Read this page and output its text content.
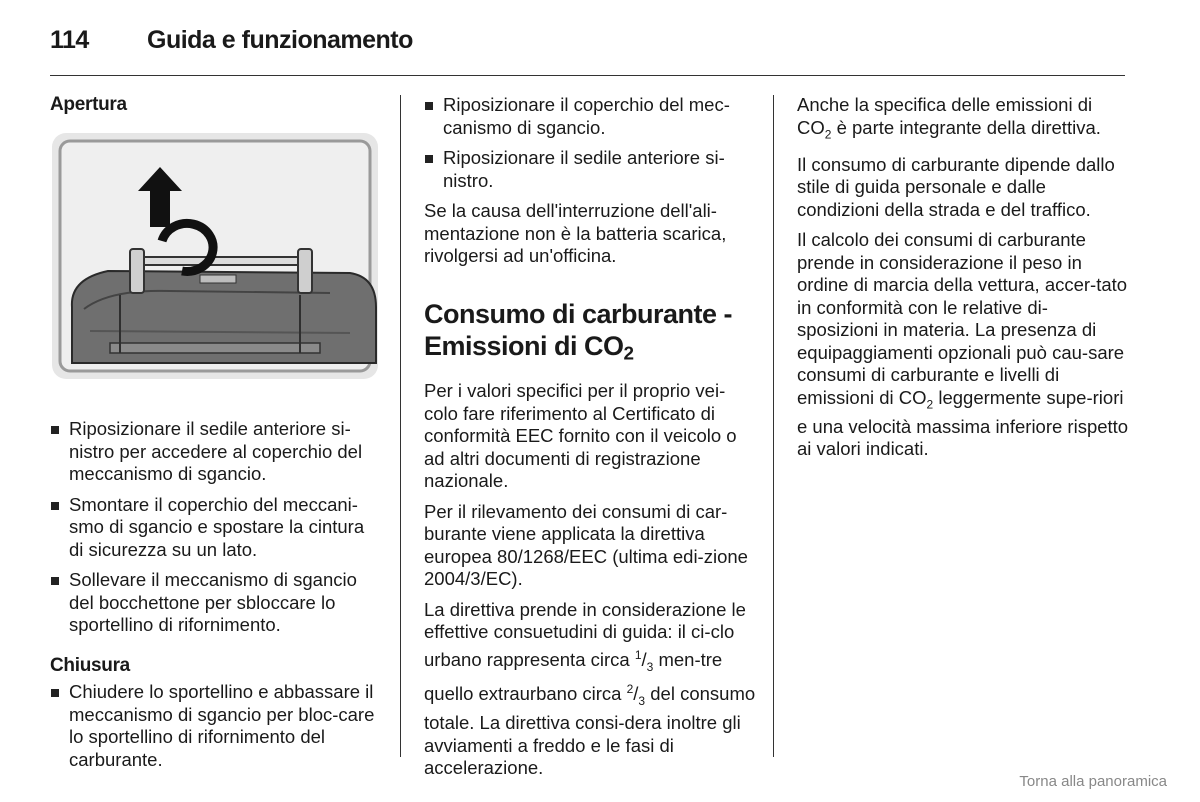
114 Guida e funzionamento
Apertura
Riposizionare il sedile anteriore si-nistro per accedere al coperchio del meccanismo di sgancio.
Smontare il coperchio del meccani-smo di sgancio e spostare la cintura di sicurezza su un lato.
Sollevare il meccanismo di sgancio del bocchettone per sbloccare lo sportellino di rifornimento.
Chiusura
Chiudere lo sportellino e abbassare il meccanismo di sgancio per bloc-care lo sportellino di rifornimento del carburante.
Riposizionare il coperchio del mec-canismo di sgancio.
Riposizionare il sedile anteriore si-nistro.

Se la causa dell'interruzione dell'ali-mentazione non è la batteria scarica, rivolgersi ad un'officina.

Consumo di carburante -
Emissioni di CO2

Per i valori specifici per il proprio vei-colo fare riferimento al Certificato di conformità EEC fornito con il veicolo o ad altri documenti di registrazione nazionale.

Per il rilevamento dei consumi di car-burante viene applicata la direttiva europea 80/1268/EEC (ultima edi-zione 2004/3/EC).

La direttiva prende in considerazione le effettive consuetudini di guida: il ci-clo urbano rappresenta circa $^1/_3$ men-tre quello extraurbano circa $^2/_3$ del consumo totale. La direttiva consi-dera inoltre gli avviamenti a freddo e le fasi di accelerazione.

Anche la specifica delle emissioni di $CO_2$ è parte integrante della direttiva.

Il consumo di carburante dipende dallo stile di guida personale e dalle condizioni della strada e del traffico.

Il calcolo dei consumi di carburante prende in considerazione il peso in ordine di marcia della vettura, accer-tato in conformità con le relative di-sposizioni in materia. La presenza di equipaggiamenti opzionali può cau-sare consumi di carburante e livelli di emissioni di $CO_2$ leggermente supe-riori e una velocità massima inferiore rispetto ai valori indicati.

Torna alla panoramica
